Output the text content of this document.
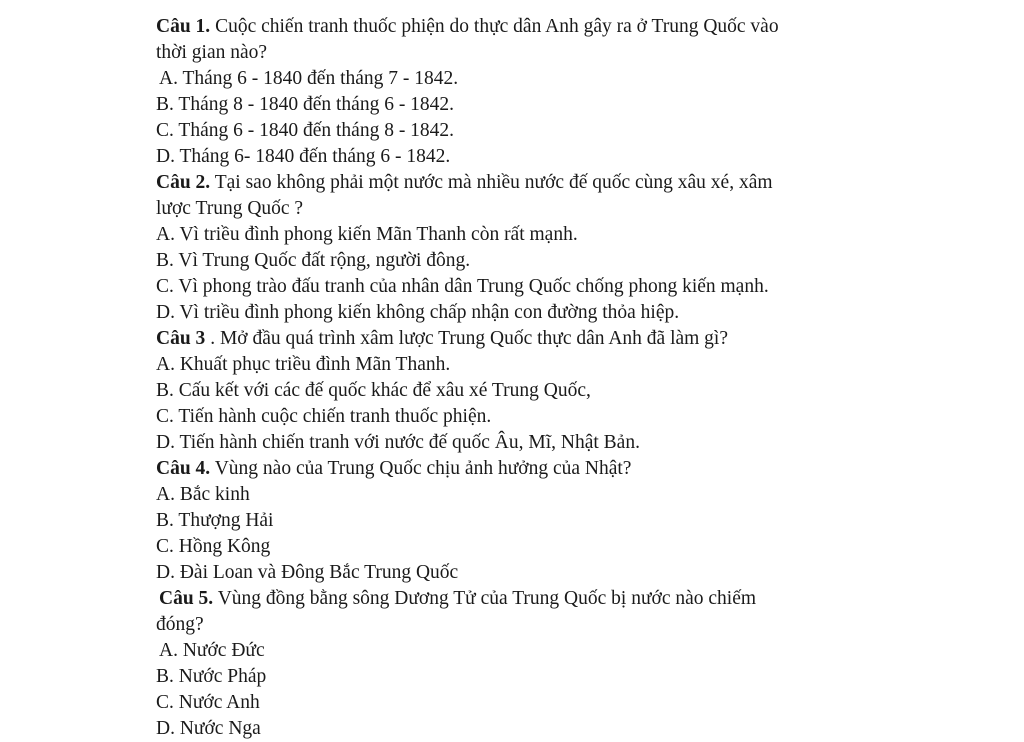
Câu 1. Cuộc chiến tranh thuốc phiện do thực dân Anh gây ra ở Trung Quốc vào
thời gian nào?
A. Tháng 6 - 1840 đến tháng 7 - 1842.
B. Tháng 8 - 1840 đến tháng 6 - 1842.
C. Tháng 6 - 1840 đến tháng 8 - 1842.
D. Tháng 6- 1840 đến tháng 6 - 1842.
Câu 2. Tại sao không phải một nước mà nhiều nước đế quốc cùng xâu xé, xâm
lược Trung Quốc ?
A. Vì triều đình phong kiến Mãn Thanh còn rất mạnh.
B. Vì Trung Quốc đất rộng, người đông.
C. Vì phong trào đấu tranh của nhân dân Trung Quốc chống phong kiến mạnh.
D. Vì triều đình phong kiến không chấp nhận con đường thỏa hiệp.
Câu 3 . Mở đầu quá trình xâm lược Trung Quốc thực dân Anh đã làm gì?
A. Khuất phục triều đình Mãn Thanh.
B. Cấu kết với các đế quốc khác để xâu xé Trung Quốc,
C. Tiến hành cuộc chiến tranh thuốc phiện.
D. Tiến hành chiến tranh với nước đế quốc Âu, Mĩ, Nhật Bản.
Câu 4. Vùng nào của Trung Quốc chịu ảnh hưởng của Nhật?
A. Bắc kinh
B. Thượng Hải
C. Hồng Kông
D. Đài Loan và Đông Bắc Trung Quốc
Câu 5. Vùng đồng bằng sông Dương Tử của Trung Quốc bị nước nào chiếm
đóng?
A. Nước Đức
B. Nước Pháp
C. Nước Anh
D. Nước Nga
